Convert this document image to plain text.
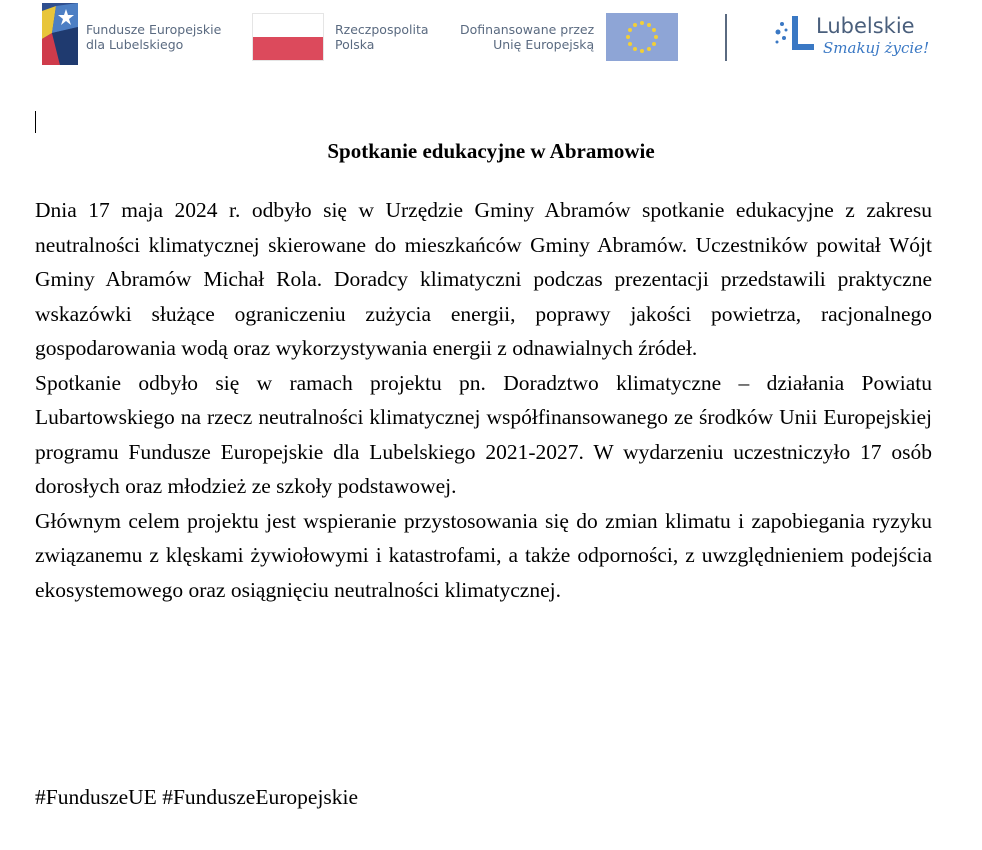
Fundusze Europejskie
dla Lubelskiego
Rzeczpospolita
Polska
Dofinansowane przez
Unię Europejską
Lubelskie
Smakuj życie!
Spotkanie edukacyjne w Abramowie

Dnia 17 maja 2024 r. odbyło się w Urzędzie Gminy Abramów spotkanie edukacyjne z zakresu neutralności klimatycznej skierowane do mieszkańców Gminy Abramów. Uczestników powitał Wójt Gminy Abramów Michał Rola. Doradcy klimatyczni podczas prezentacji przedstawili praktyczne wskazówki służące ograniczeniu zużycia energii, poprawy jakości powietrza, racjonalnego gospodarowania wodą oraz wykorzystywania energii z odnawialnych źródeł.

Spotkanie odbyło się w ramach projektu pn. Doradztwo klimatyczne – działania Powiatu Lubartowskiego na rzecz neutralności klimatycznej współfinansowanego ze środków Unii Europejskiej programu Fundusze Europejskie dla Lubelskiego 2021-2027. W wydarzeniu uczestniczyło 17 osób dorosłych oraz młodzież ze szkoły podstawowej.

Głównym celem projektu jest wspieranie przystosowania się do zmian klimatu i zapobiegania ryzyku związanemu z klęskami żywiołowymi i katastrofami, a także odporności, z uwzględnieniem podejścia ekosystemowego oraz osiągnięciu neutralności klimatycznej.

#FunduszeUE #FunduszeEuropejskie
